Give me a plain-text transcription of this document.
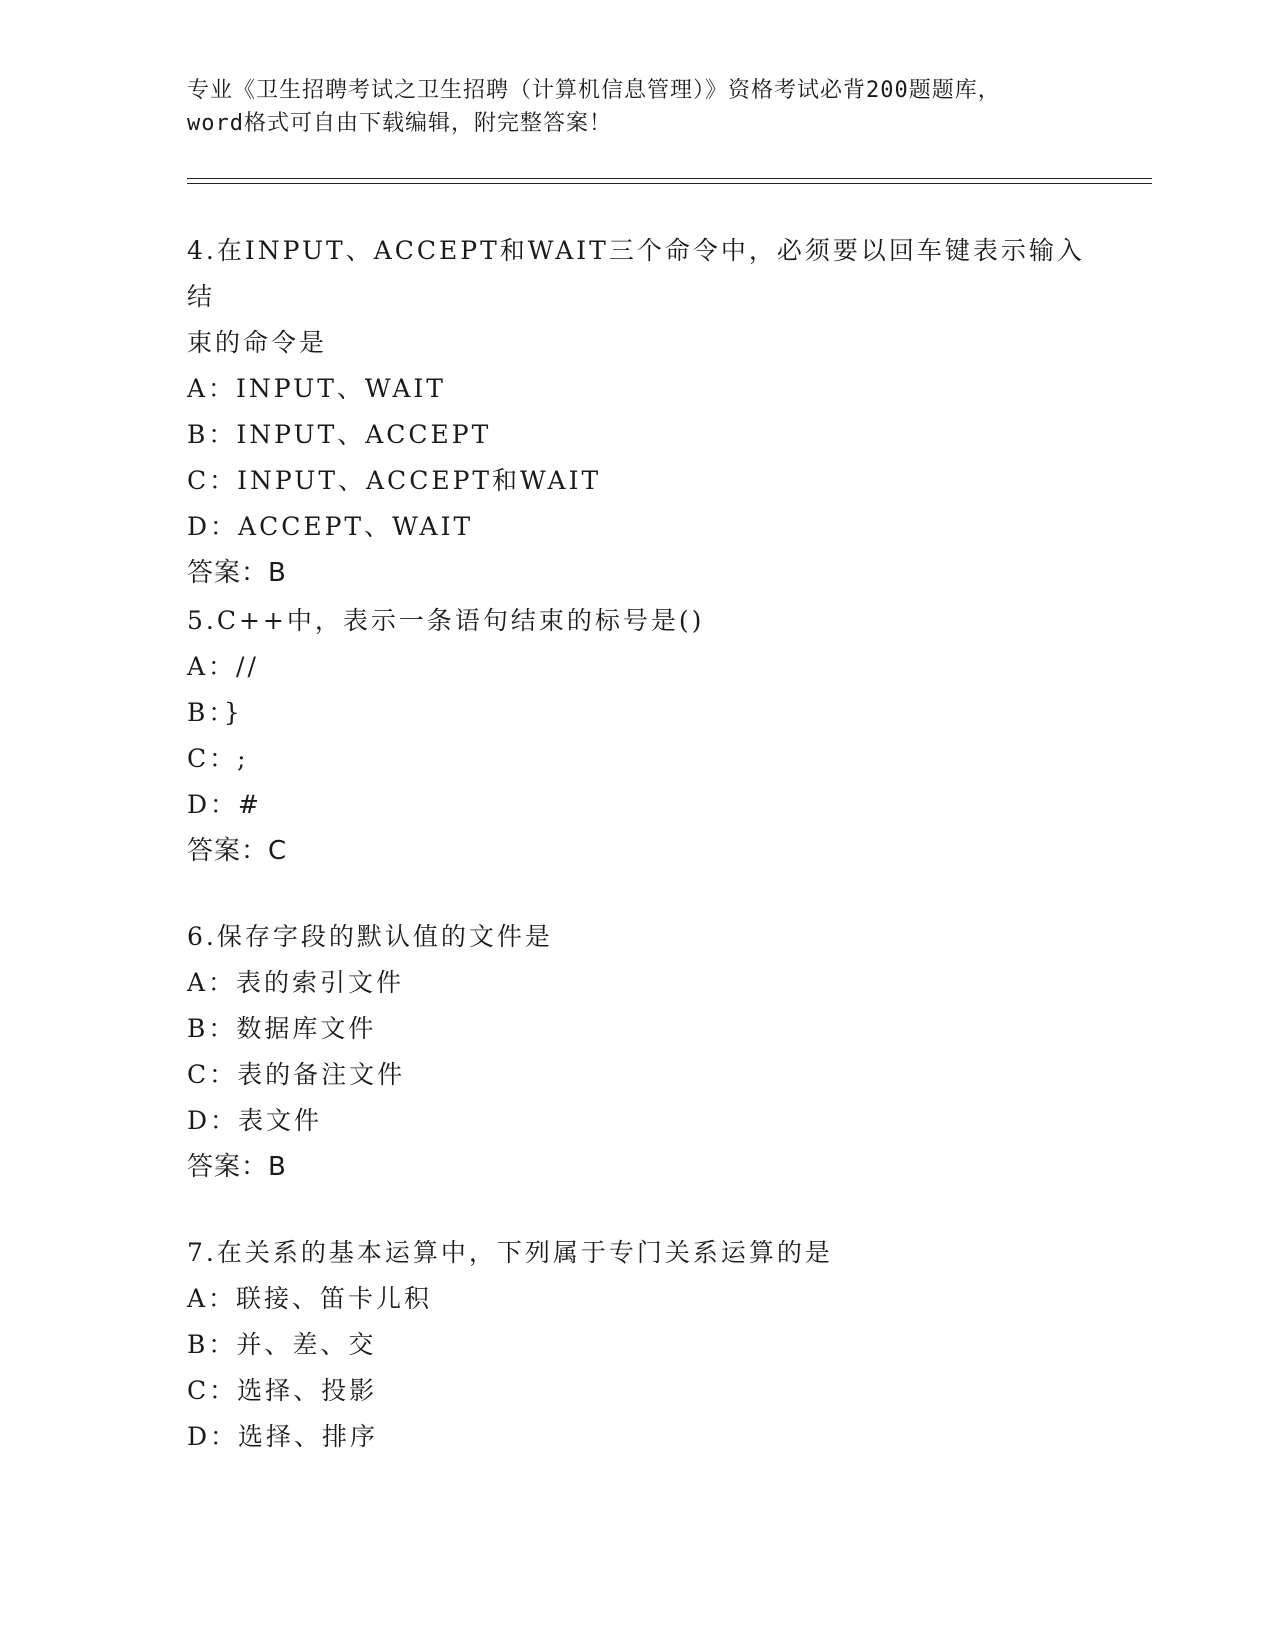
专业《卫生招聘考试之卫生招聘（计算机信息管理）》资格考试必背200题题库，
word格式可自由下载编辑，附完整答案！

4.在INPUT、ACCEPT和WAIT三个命令中，必须要以回车键表示输入结

束的命令是

A：INPUT、WAIT

B：INPUT、ACCEPT

C：INPUT、ACCEPT和WAIT

D：ACCEPT、WAIT

答案：B

5.C++中，表示一条语句结束的标号是()

A：//

B：}

C：;

D：#

答案：C

6.保存字段的默认值的文件是

A：表的索引文件

B：数据库文件

C：表的备注文件

D：表文件

答案：B

7.在关系的基本运算中，下列属于专门关系运算的是

A：联接、笛卡儿积

B：并、差、交

C：选择、投影

D：选择、排序
